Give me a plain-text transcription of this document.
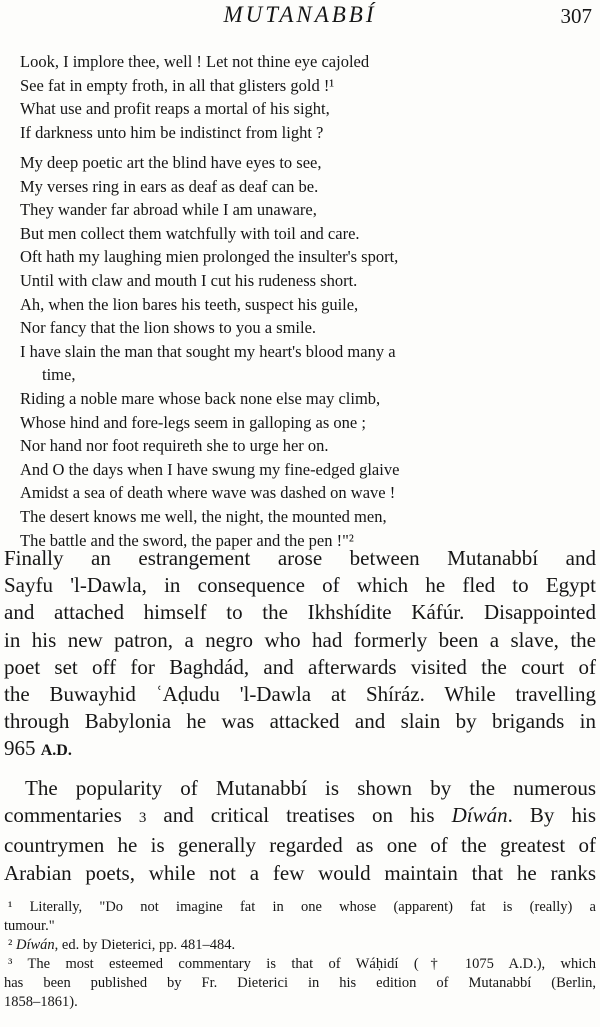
MUTANABBÍ	307
Look, I implore thee, well ! Let not thine eye cajoled
See fat in empty froth, in all that glisters gold !¹
What use and profit reaps a mortal of his sight,
If darkness unto him be indistinct from light ?
My deep poetic art the blind have eyes to see,
My verses ring in ears as deaf as deaf can be.
They wander far abroad while I am unaware,
But men collect them watchfully with toil and care.
Oft hath my laughing mien prolonged the insulter's sport,
Until with claw and mouth I cut his rudeness short.
Ah, when the lion bares his teeth, suspect his guile,
Nor fancy that the lion shows to you a smile.
I have slain the man that sought my heart's blood many a
time,
Riding a noble mare whose back none else may climb,
Whose hind and fore-legs seem in galloping as one ;
Nor hand nor foot requireth she to urge her on.
And O the days when I have swung my fine-edged glaive
Amidst a sea of death where wave was dashed on wave !
The desert knows me well, the night, the mounted men,
The battle and the sword, the paper and the pen !"²

Finally an estrangement arose between Mutanabbí and
Sayfu 'l-Dawla, in consequence of which he fled to Egypt
and attached himself to the Ikhshídite Káfúr. Disappointed
in his new patron, a negro who had formerly been a slave, the
poet set off for Baghdád, and afterwards visited the court of
the Buwayhid ʿAḍudu 'l-Dawla at Shíráz. While travelling
through Babylonia he was attacked and slain by brigands in
965 A.D.

 The popularity of Mutanabbí is shown by the numerous
commentaries 3 and critical treatises on his Díwán. By his
countrymen he is generally regarded as one of the greatest of
Arabian poets, while not a few would maintain that he ranks

¹ Literally, "Do not imagine fat in one whose (apparent) fat is (really) a
tumour."
² Díwán, ed. by Dieterici, pp. 481–484.
³ The most esteemed commentary is that of Wáḥidí († 1075 A.D.), which
has been published by Fr. Dieterici in his edition of Mutanabbí (Berlin,
1858–1861).
